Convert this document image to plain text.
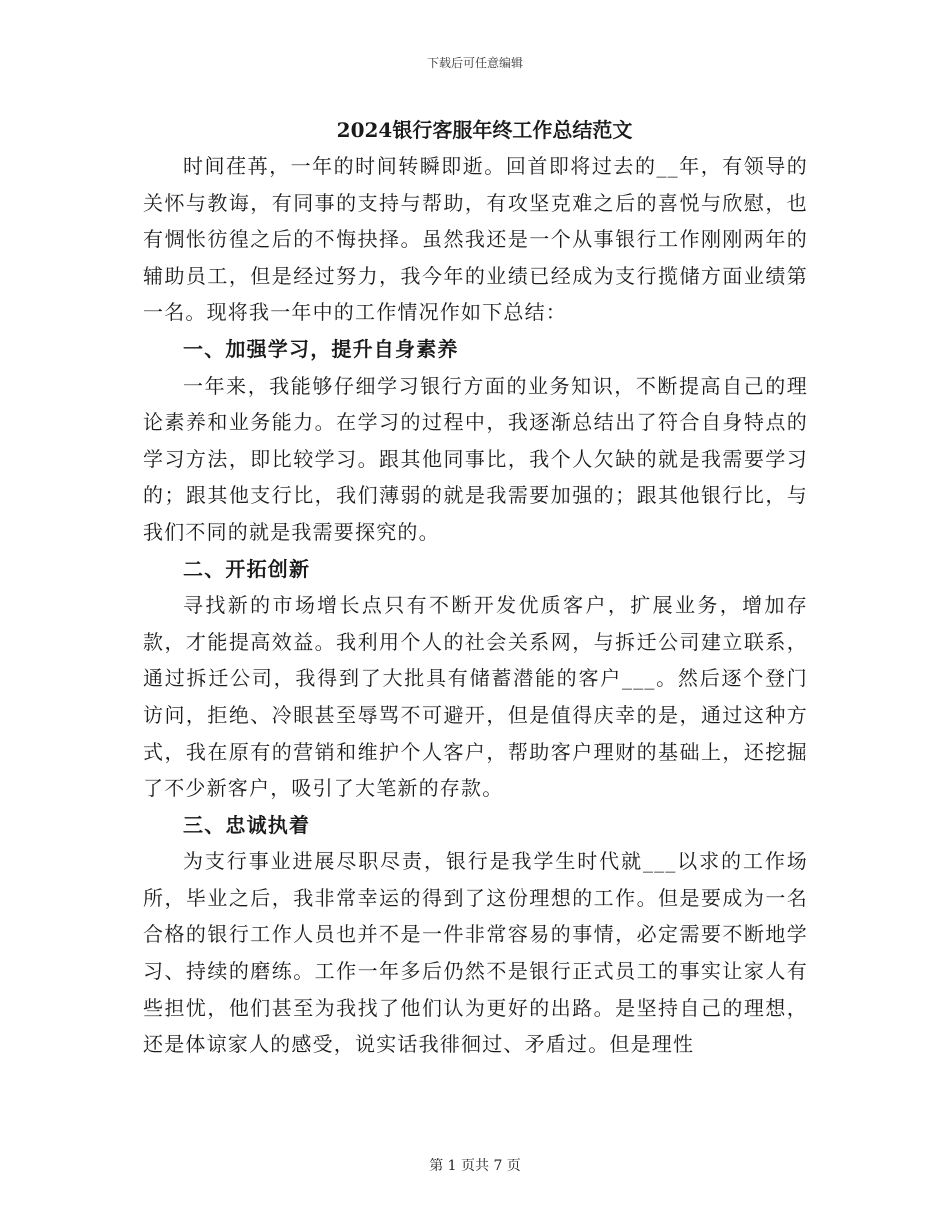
下载后可任意编辑

2024银行客服年终工作总结范文

时间荏苒，一年的时间转瞬即逝。回首即将过去的__年，有领导的关怀与教诲，有同事的支持与帮助，有攻坚克难之后的喜悦与欣慰，也有惆怅彷徨之后的不悔抉择。虽然我还是一个从事银行工作刚刚两年的辅助员工，但是经过努力，我今年的业绩已经成为支行揽储方面业绩第一名。现将我一年中的工作情况作如下总结：

一、加强学习，提升自身素养

一年来，我能够仔细学习银行方面的业务知识，不断提高自己的理论素养和业务能力。在学习的过程中，我逐渐总结出了符合自身特点的学习方法，即比较学习。跟其他同事比，我个人欠缺的就是我需要学习的；跟其他支行比，我们薄弱的就是我需要加强的；跟其他银行比，与我们不同的就是我需要探究的。

二、开拓创新

寻找新的市场增长点只有不断开发优质客户，扩展业务，增加存款，才能提高效益。我利用个人的社会关系网，与拆迁公司建立联系，通过拆迁公司，我得到了大批具有储蓄潜能的客户___。然后逐个登门访问，拒绝、冷眼甚至辱骂不可避开，但是值得庆幸的是，通过这种方式，我在原有的营销和维护个人客户，帮助客户理财的基础上，还挖掘了不少新客户，吸引了大笔新的存款。

三、忠诚执着

为支行事业进展尽职尽责，银行是我学生时代就___以求的工作场所，毕业之后，我非常幸运的得到了这份理想的工作。但是要成为一名合格的银行工作人员也并不是一件非常容易的事情，必定需要不断地学习、持续的磨练。工作一年多后仍然不是银行正式员工的事实让家人有些担忧，他们甚至为我找了他们认为更好的出路。是坚持自己的理想，还是体谅家人的感受，说实话我徘徊过、矛盾过。但是理性

第 1 页共 7 页
